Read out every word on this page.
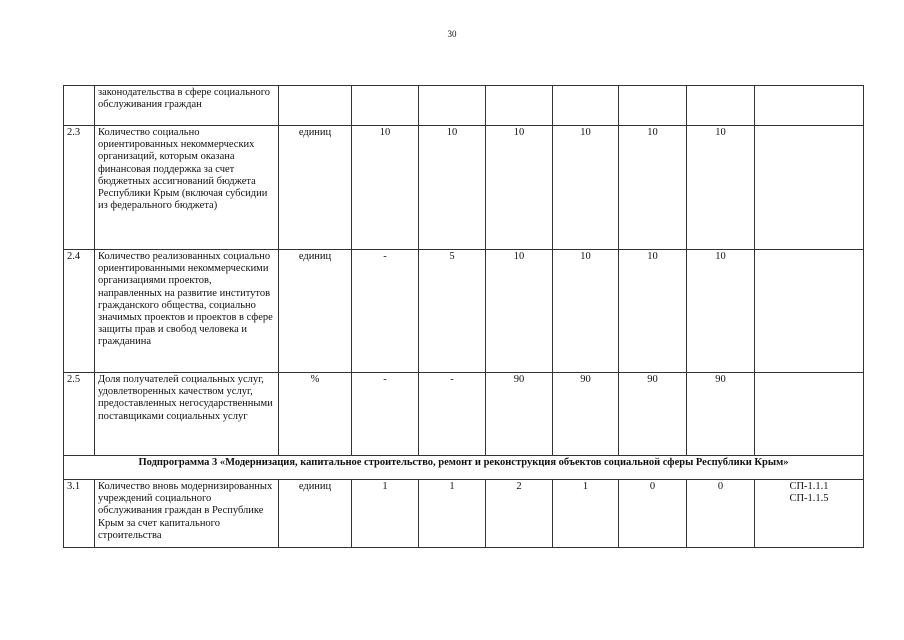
30
	законодательства в сфере социального обслуживания граждан								
2.3	Количество социально ориентированных некоммерческих организаций, которым оказана финансовая поддержка за счет бюджетных ассигнований бюджета Республики Крым (включая субсидии из федерального бюджета)	единиц	10	10	10	10	10	10	
2.4	Количество реализованных социально ориентированными некоммерческими организациями проектов, направленных на развитие институтов гражданского общества, социально значимых проектов и проектов в сфере защиты прав и свобод человека и гражданина	единиц	-	5	10	10	10	10	
2.5	Доля получателей социальных услуг, удовлетворенных качеством услуг, предоставленных негосударственными поставщиками социальных услуг	%	-	-	90	90	90	90	
Подпрограмма 3 «Модернизация, капитальное строительство, ремонт и реконструкция объектов социальной сферы Республики Крым»									
3.1	Количество вновь модернизированных учреждений социального обслуживания граждан в Республике Крым за счет капитального строительства	единиц	1	1	2	1	0	0	СП-1.1.1
СП-1.1.5
